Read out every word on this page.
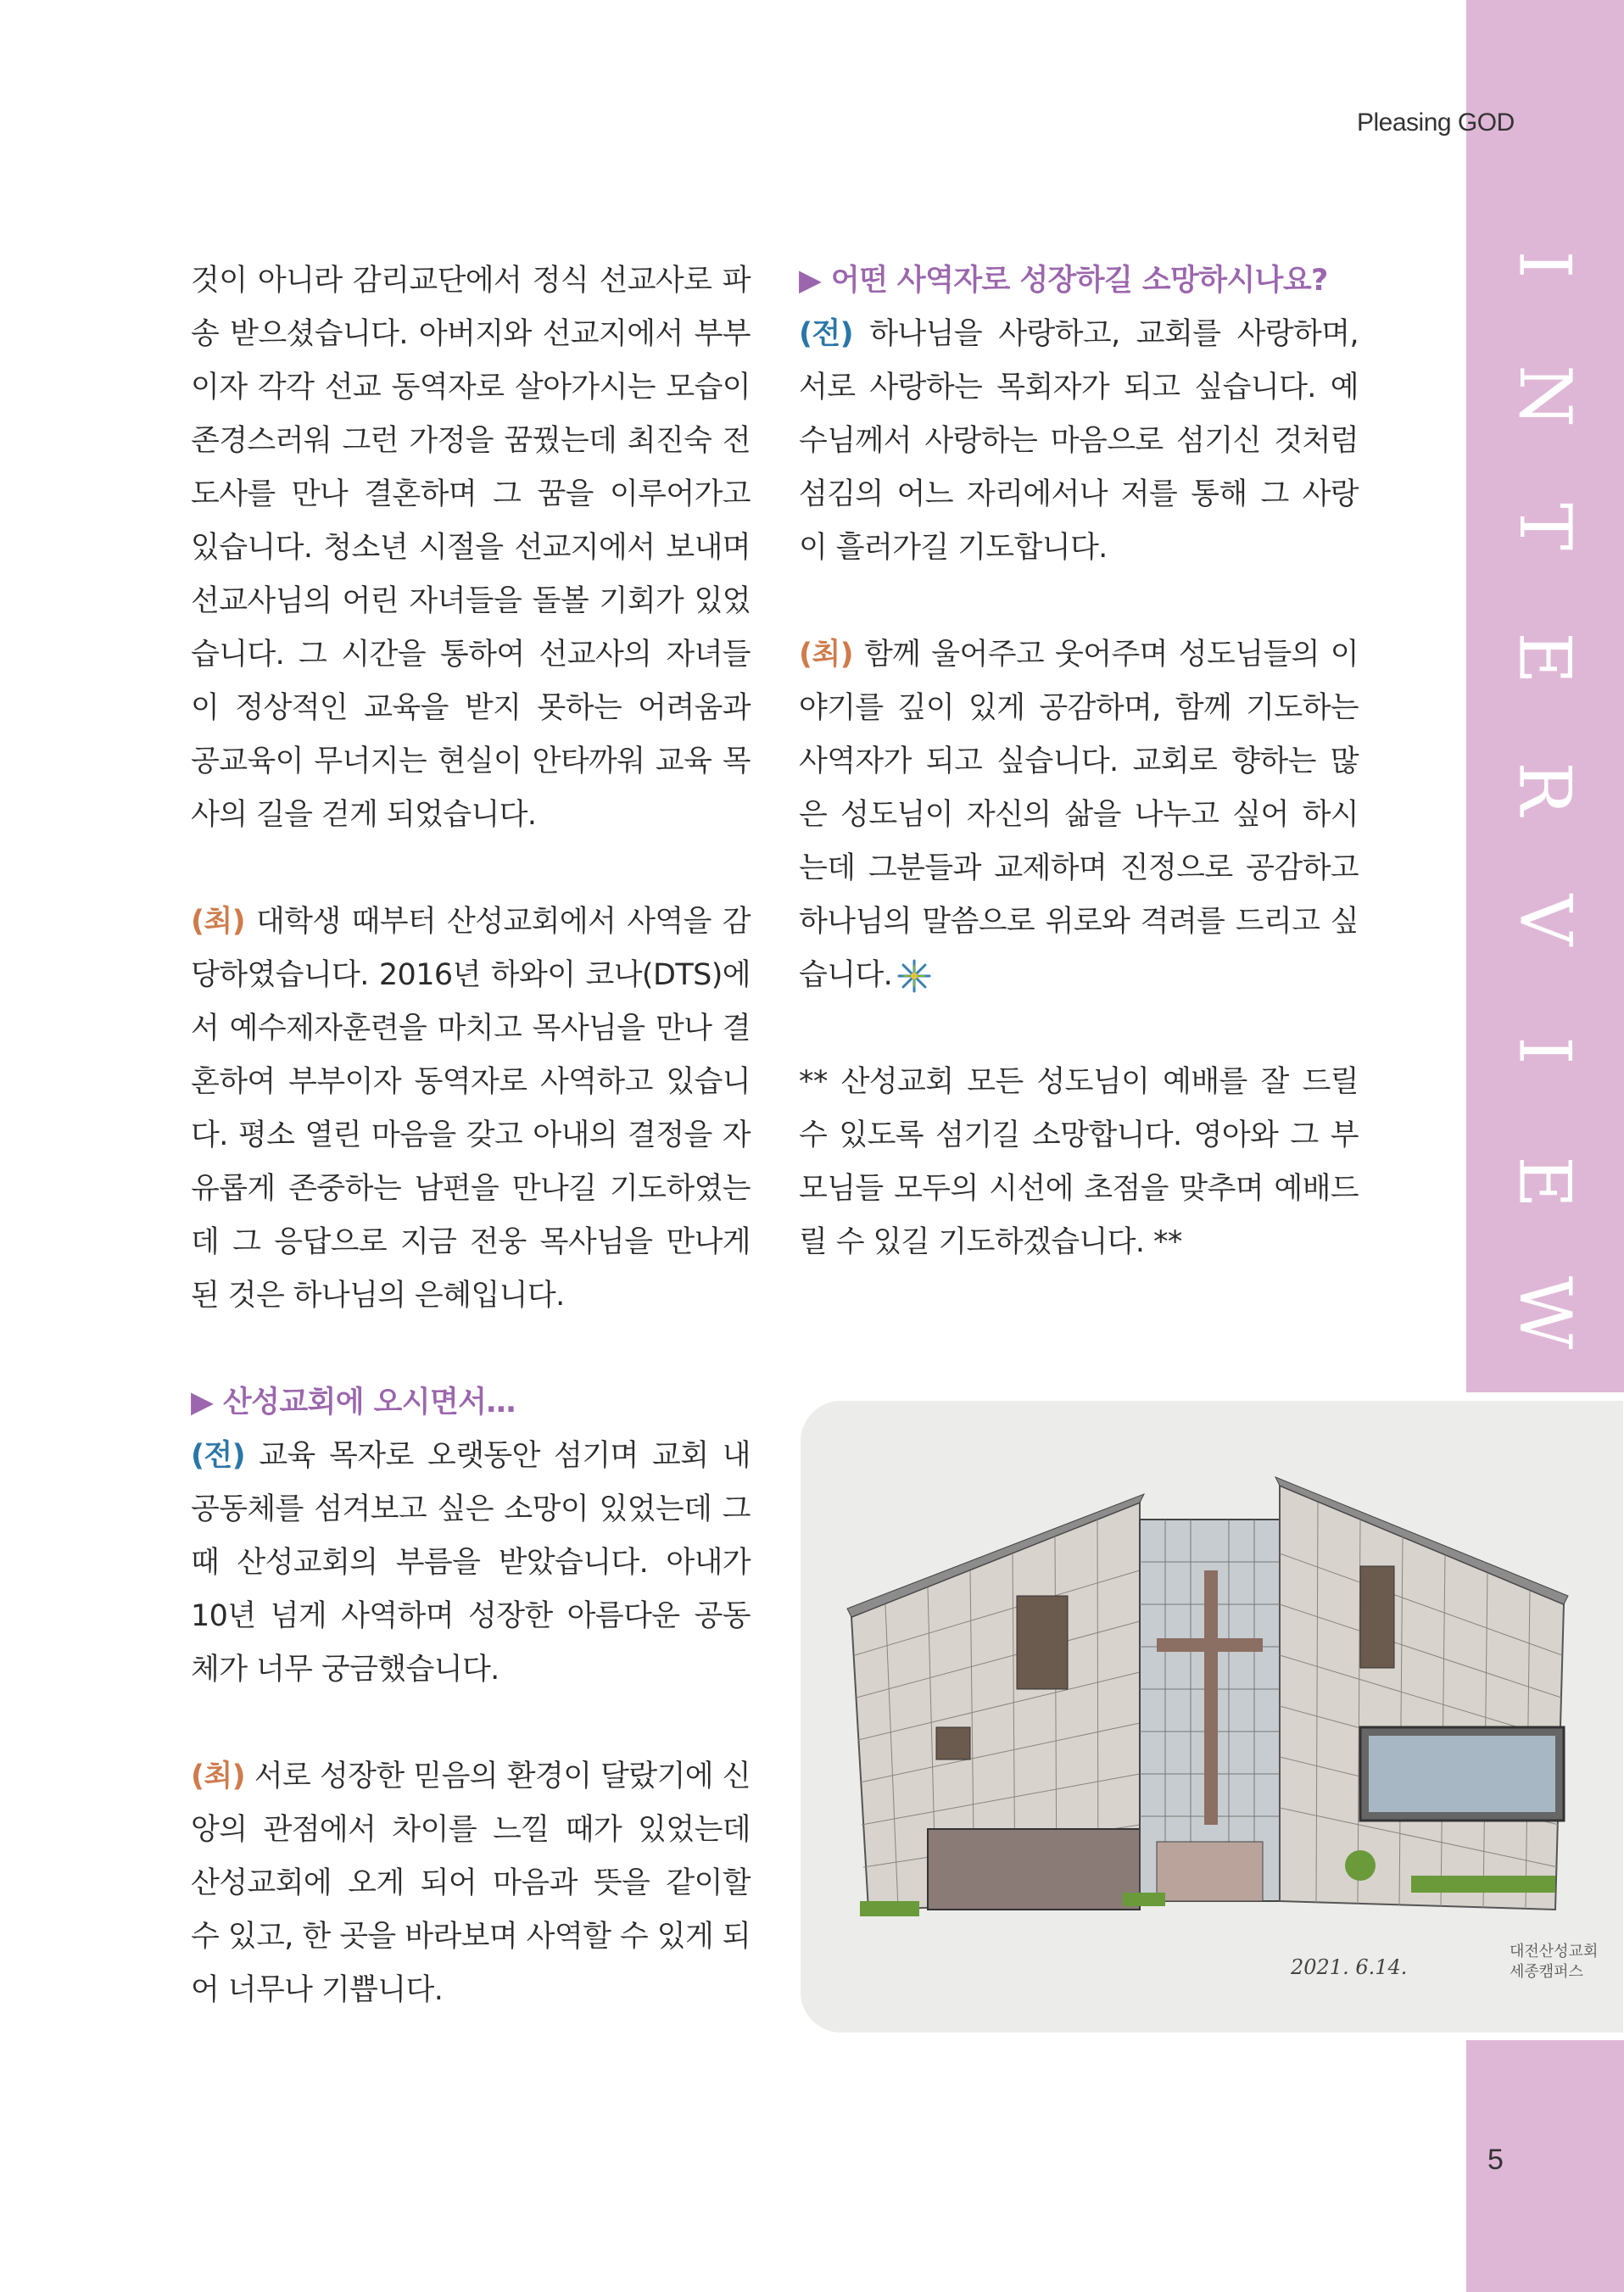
I
N
T
E
R
V
I
E
W
Pleasing GOD

것이 아니라 감리교단에서 정식 선교사로 파송 받으셨습니다. 아버지와 선교지에서 부부이자 각각 선교 동역자로 살아가시는 모습이 존경스러워 그런 가정을 꿈꿨는데 최진숙 전도사를 만나 결혼하며 그 꿈을 이루어가고 있습니다. 청소년 시절을 선교지에서 보내며 선교사님의 어린 자녀들을 돌볼 기회가 있었습니다. 그 시간을 통하여 선교사의 자녀들이 정상적인 교육을 받지 못하는 어려움과 공교육이 무너지는 현실이 안타까워 교육 목사의 길을 걷게 되었습니다.

(최) 대학생 때부터 산성교회에서 사역을 감당하였습니다. 2016년 하와이 코나(DTS)에서 예수제자훈련을 마치고 목사님을 만나 결혼하여 부부이자 동역자로 사역하고 있습니다. 평소 열린 마음을 갖고 아내의 결정을 자유롭게 존중하는 남편을 만나길 기도하였는데 그 응답으로 지금 전웅 목사님을 만나게 된 것은 하나님의 은혜입니다.

▶ 산성교회에 오시면서…

(전) 교육 목자로 오랫동안 섬기며 교회 내 공동체를 섬겨보고 싶은 소망이 있었는데 그때 산성교회의 부름을 받았습니다. 아내가 10년 넘게 사역하며 성장한 아름다운 공동체가 너무 궁금했습니다.

(최) 서로 성장한 믿음의 환경이 달랐기에 신앙의 관점에서 차이를 느낄 때가 있었는데 산성교회에 오게 되어 마음과 뜻을 같이할 수 있고, 한 곳을 바라보며 사역할 수 있게 되어 너무나 기쁩니다.

▶ 어떤 사역자로 성장하길 소망하시나요?

(전) 하나님을 사랑하고, 교회를 사랑하며, 서로 사랑하는 목회자가 되고 싶습니다. 예수님께서 사랑하는 마음으로 섬기신 것처럼 섬김의 어느 자리에서나 저를 통해 그 사랑이 흘러가길 기도합니다.

(최) 함께 울어주고 웃어주며 성도님들의 이야기를 깊이 있게 공감하며, 함께 기도하는 사역자가 되고 싶습니다. 교회로 향하는 많은 성도님이 자신의 삶을 나누고 싶어 하시는데 그분들과 교제하며 진정으로 공감하고 하나님의 말씀으로 위로와 격려를 드리고 싶습니다.

** 산성교회 모든 성도님이 예배를 잘 드릴 수 있도록 섬기길 소망합니다. 영아와 그 부모님들 모두의 시선에 초점을 맞추며 예배드릴 수 있길 기도하겠습니다. **

2021. 6.14.
대전산성교회
세종캠퍼스
5
